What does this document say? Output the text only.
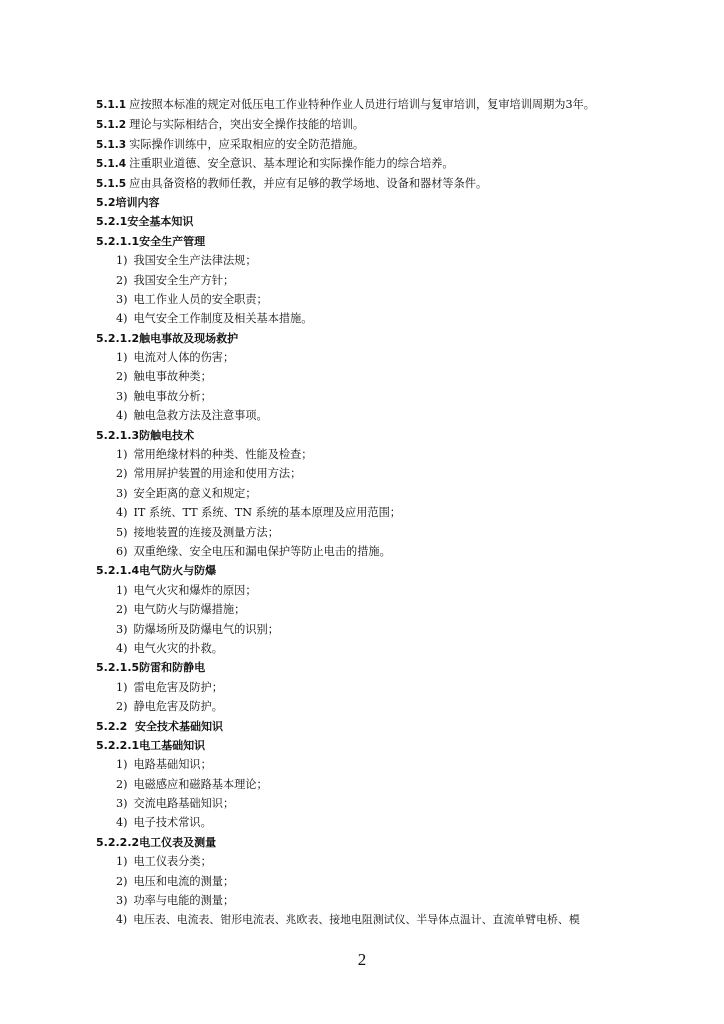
5.1.1 应按照本标准的规定对低压电工作业特种作业人员进行培训与复审培训，复审培训周期为3年。
5.1.2 理论与实际相结合，突出安全操作技能的培训。
5.1.3 实际操作训练中，应采取相应的安全防范措施。
5.1.4 注重职业道德、安全意识、基本理论和实际操作能力的综合培养。
5.1.5 应由具备资格的教师任教，并应有足够的教学场地、设备和器材等条件。
5.2培训内容
5.2.1安全基本知识
5.2.1.1安全生产管理
1) 我国安全生产法律法规；
2) 我国安全生产方针；
3) 电工作业人员的安全职责；
4) 电气安全工作制度及相关基本措施。
5.2.1.2触电事故及现场救护
1) 电流对人体的伤害；
2) 触电事故种类；
3) 触电事故分析；
4) 触电急救方法及注意事项。
5.2.1.3防触电技术
1) 常用绝缘材料的种类、性能及检查；
2) 常用屏护装置的用途和使用方法；
3) 安全距离的意义和规定；
4) IT 系统、TT 系统、TN 系统的基本原理及应用范围；
5) 接地装置的连接及测量方法；
6) 双重绝缘、安全电压和漏电保护等防止电击的措施。
5.2.1.4电气防火与防爆
1) 电气火灾和爆炸的原因；
2) 电气防火与防爆措施；
3) 防爆场所及防爆电气的识别；
4) 电气火灾的扑救。
5.2.1.5防雷和防静电
1) 雷电危害及防护；
2) 静电危害及防护。
5.2.2  安全技术基础知识
5.2.2.1电工基础知识
1) 电路基础知识；
2) 电磁感应和磁路基本理论；
3) 交流电路基础知识；
4) 电子技术常识。
5.2.2.2电工仪表及测量
1) 电工仪表分类；
2) 电压和电流的测量；
3) 功率与电能的测量；
4) 电压表、电流表、钳形电流表、兆欧表、接地电阻测试仪、半导体点温计、直流单臂电桥、模
2
